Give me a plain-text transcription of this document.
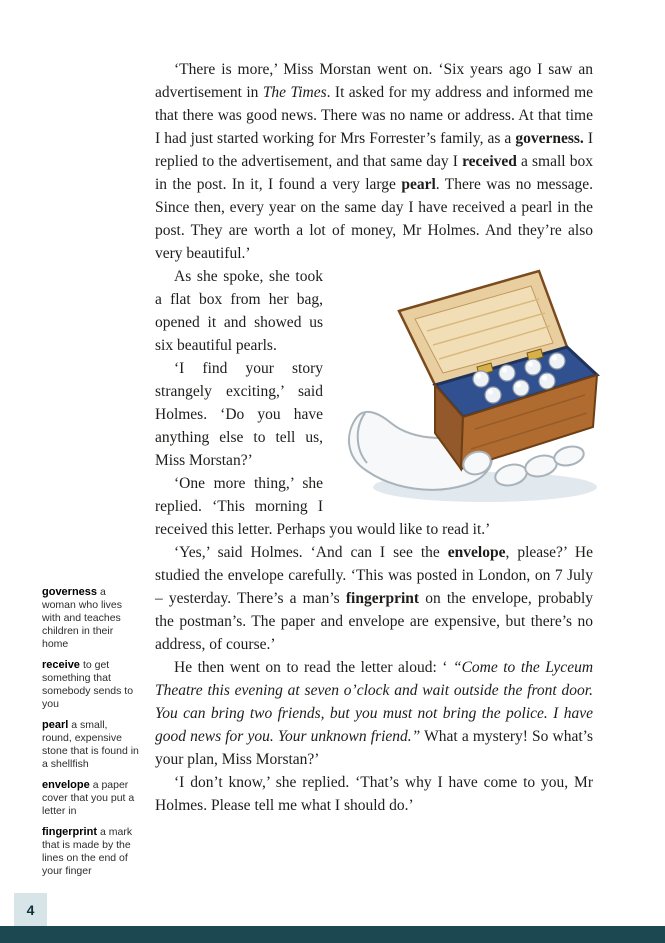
‘There is more,’ Miss Morstan went on. ‘Six years ago I saw an advertisement in The Times. It asked for my address and informed me that there was good news. There was no name or address. At that time I had just started working for Mrs Forrester’s family, as a governess. I replied to the advertisement, and that same day I received a small box in the post. In it, I found a very large pearl. There was no message. Since then, every year on the same day I have received a pearl in the post. They are worth a lot of money, Mr Holmes. And they’re also very beautiful.’

As she spoke, she took a flat box from her bag, opened it and showed us six beautiful pearls.

‘I find your story strangely exciting,’ said Holmes. ‘Do you have anything else to tell us, Miss Morstan?’

‘One more thing,’ she replied. ‘This morning I received this letter. Perhaps you would like to read it.’

‘Yes,’ said Holmes. ‘And can I see the envelope, please?’ He studied the envelope carefully. ‘This was posted in London, on 7 July – yesterday. There’s a man’s fingerprint on the envelope, probably the postman’s. The paper and envelope are expensive, but there’s no address, of course.’

He then went on to read the letter aloud: ‘ “Come to the Lyceum Theatre this evening at seven o’clock and wait outside the front door. You can bring two friends, but you must not bring the police. I have good news for you. Your unknown friend.” What a mystery! So what’s your plan, Miss Morstan?’

‘I don’t know,’ she replied. ‘That’s why I have come to you, Mr Holmes. Please tell me what I should do.’

governess a woman who lives with and teaches children in their home

receive to get something that somebody sends to you

pearl a small, round, expensive stone that is found in a shellfish

envelope a paper cover that you put a letter in

fingerprint a mark that is made by the lines on the end of your finger

4
